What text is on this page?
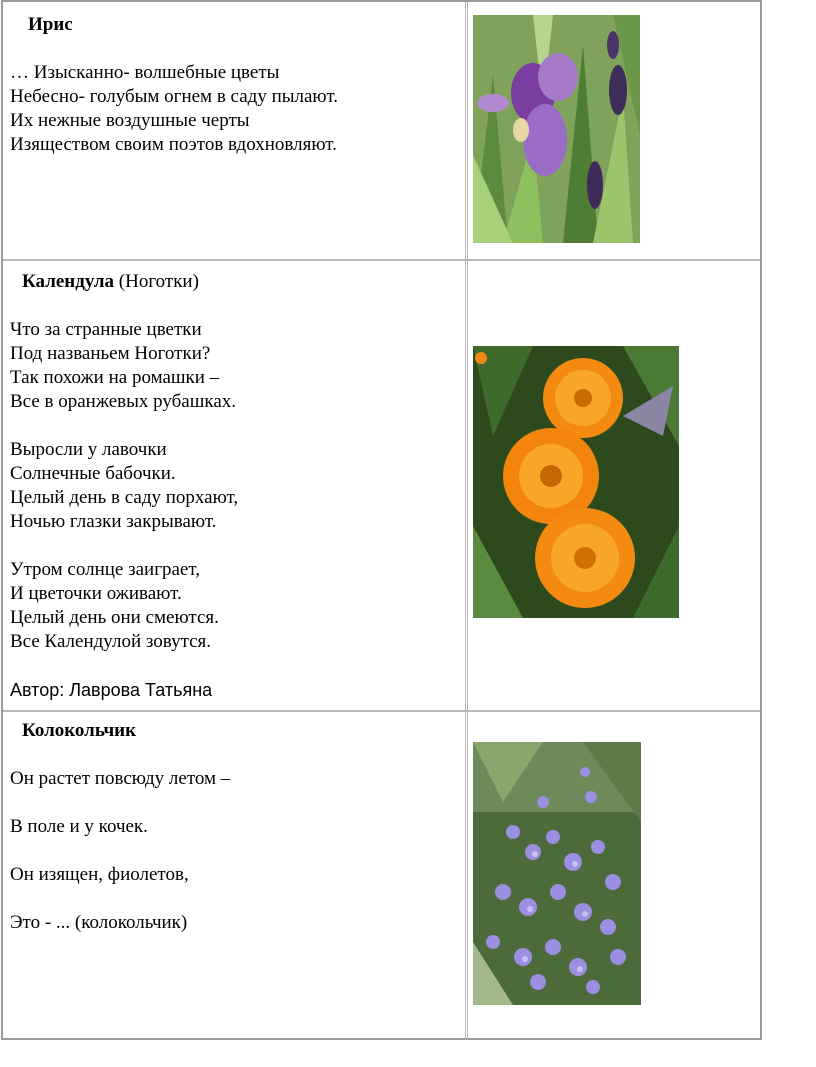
Ирис
… Изысканно- волшебные цветы
Небесно- голубым огнем в саду пылают.
Их нежные воздушные черты
Изяществом своим поэтов вдохновляют.
Календула (Ноготки)
Что за странные цветки
Под названьем Ноготки?
Так похожи на ромашки –
Все в оранжевых рубашках.
Выросли у лавочки
Солнечные бабочки.
Целый день в саду порхают,
Ночью глазки закрывают.
Утром солнце заиграет,
И цветочки оживают.
Целый день они смеются.
Все Календулой зовутся.
Автор: Лаврова Татьяна
Колокольчик
Он растет повсюду летом –
В поле и у кочек.
Он изящен, фиолетов,
Это - ... (колокольчик)
